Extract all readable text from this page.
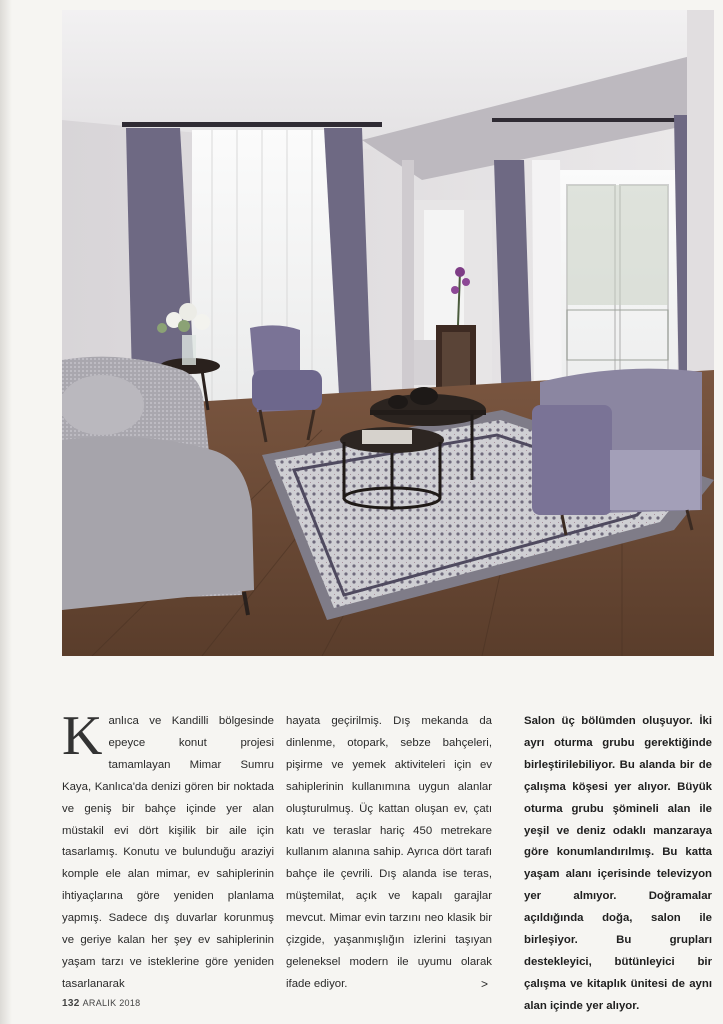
Kanlıca ve Kandilli bölgesinde epeyce konut projesi tamamlayan Mimar Sumru Kaya, Kanlıca'da denizi gören bir noktada ve geniş bir bahçe içinde yer alan müstakil evi dört kişilik bir aile için tasarlamış. Konutu ve bulunduğu araziyi komple ele alan mimar, ev sahiplerinin ihtiyaçlarına göre yeniden planlama yapmış. Sadece dış duvarlar korunmuş ve geriye kalan her şey ev sahiplerinin yaşam tarzı ve isteklerine göre yeniden tasarlanarak
hayata geçirilmiş. Dış mekanda da dinlenme, otopark, sebze bahçeleri, pişirme ve yemek aktiviteleri için ev sahiplerinin kullanımına uygun alanlar oluşturulmuş. Üç kattan oluşan ev, çatı katı ve teraslar hariç 450 metrekare kullanım alanına sahip. Ayrıca dört tarafı bahçe ile çevrili. Dış alanda ise teras, müştemilat, açık ve kapalı garajlar mevcut. Mimar evin tarzını neo klasik bir çizgide, yaşanmışlığın izlerini taşıyan geleneksel modern ile uyumu olarak ifade ediyor.	>
Salon üç bölümden oluşuyor. İki ayrı oturma grubu gerektiğinde birleştirilebiliyor. Bu alanda bir de çalışma köşesi yer alıyor. Büyük oturma grubu şömineli alan ile yeşil ve deniz odaklı manzaraya göre konumlandırılmış. Bu katta yaşam alanı içerisinde televizyon yer almıyor. Doğramalar açıldığında doğa, salon ile birleşiyor. Bu grupları destekleyici, bütünleyici bir çalışma ve kitaplık ünitesi de aynı alan içinde yer alıyor.
132 ARALIK 2018
